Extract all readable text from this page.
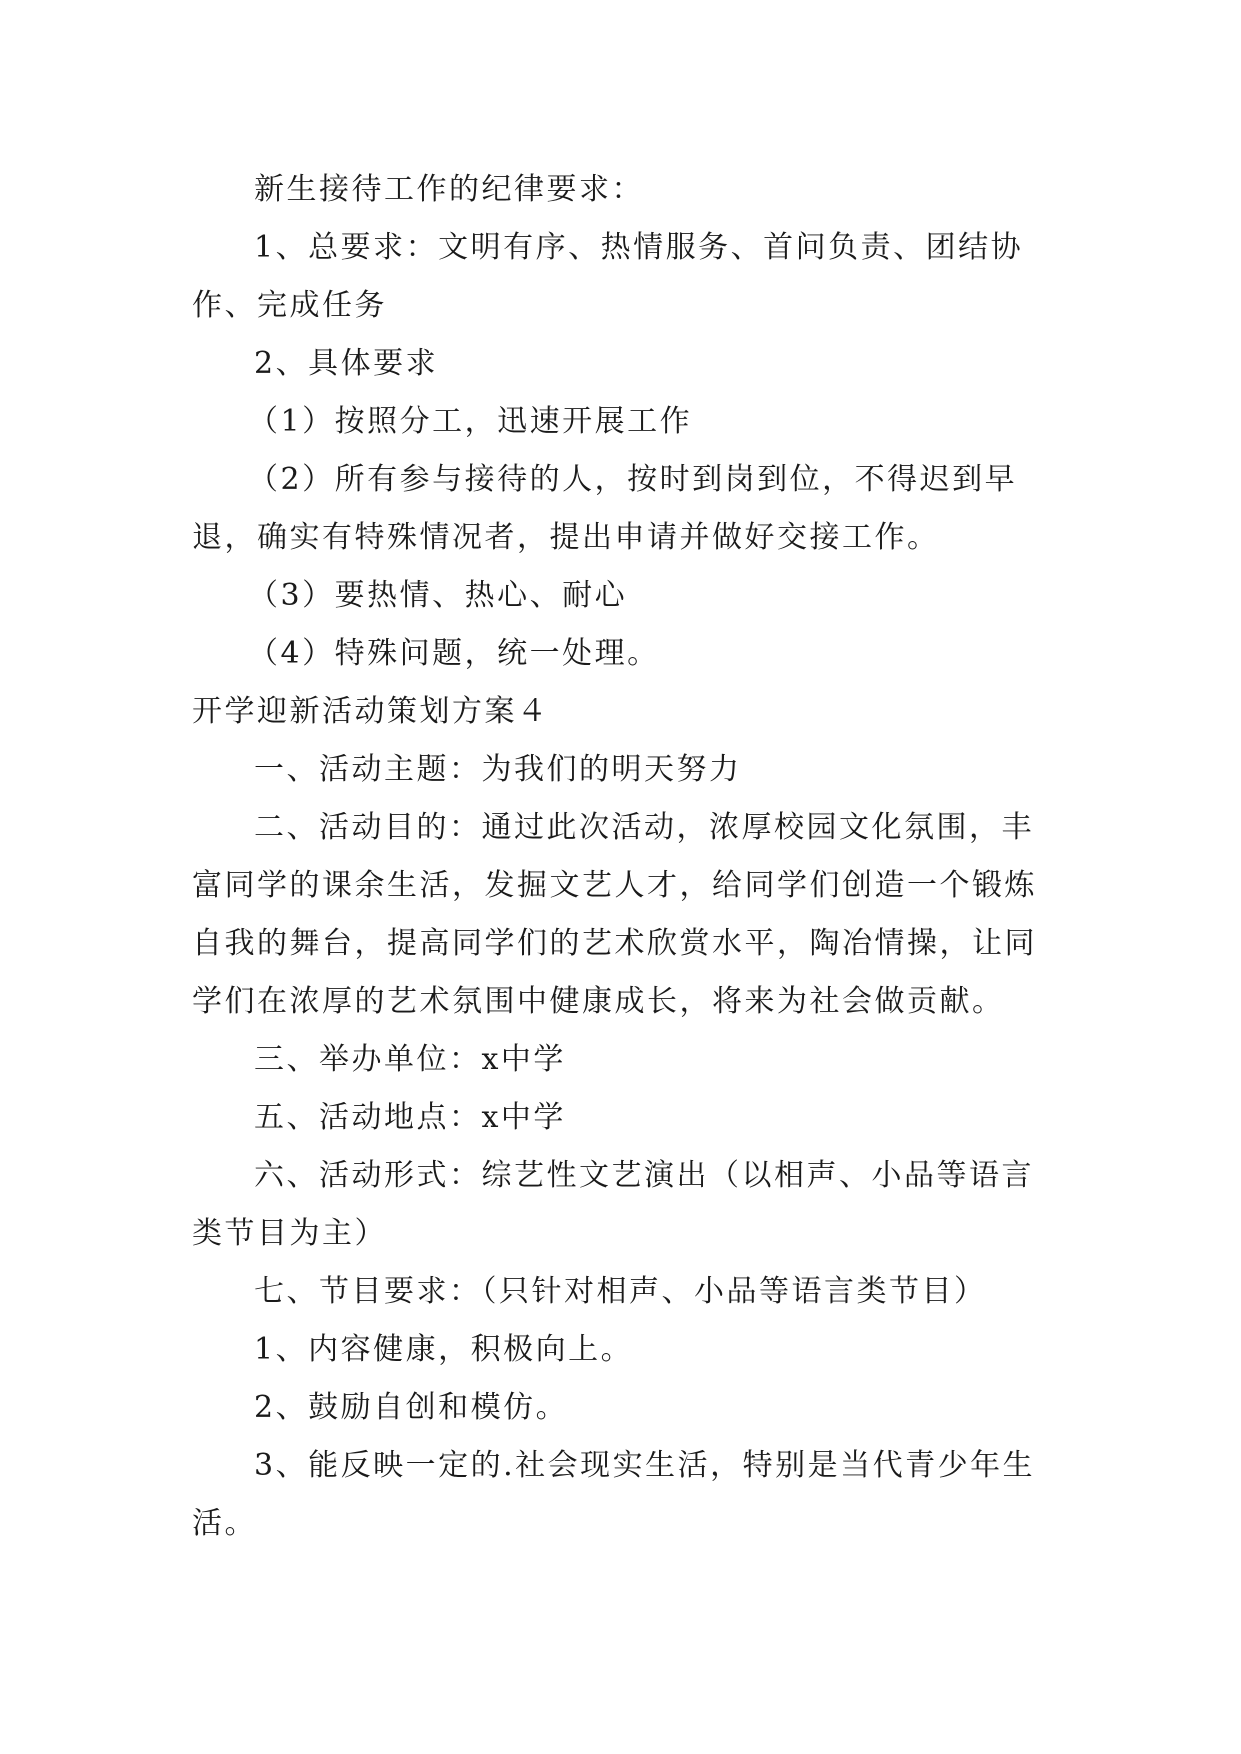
新生接待工作的纪律要求：
1、总要求：文明有序、热情服务、首问负责、团结协
作、完成任务
2、具体要求
（1）按照分工，迅速开展工作
（2）所有参与接待的人，按时到岗到位，不得迟到早
退，确实有特殊情况者，提出申请并做好交接工作。
（3）要热情、热心、耐心
（4）特殊问题，统一处理。
开学迎新活动策划方案４
一、活动主题：为我们的明天努力
二、活动目的：通过此次活动，浓厚校园文化氛围，丰
富同学的课余生活，发掘文艺人才，给同学们创造一个锻炼
自我的舞台，提高同学们的艺术欣赏水平，陶冶情操，让同
学们在浓厚的艺术氛围中健康成长，将来为社会做贡献。
三、举办单位：x中学
五、活动地点：x中学
六、活动形式：综艺性文艺演出（以相声、小品等语言
类节目为主）
七、节目要求：（只针对相声、小品等语言类节目）
1、内容健康，积极向上。
2、鼓励自创和模仿。
3、能反映一定的.社会现实生活，特别是当代青少年生
活。
